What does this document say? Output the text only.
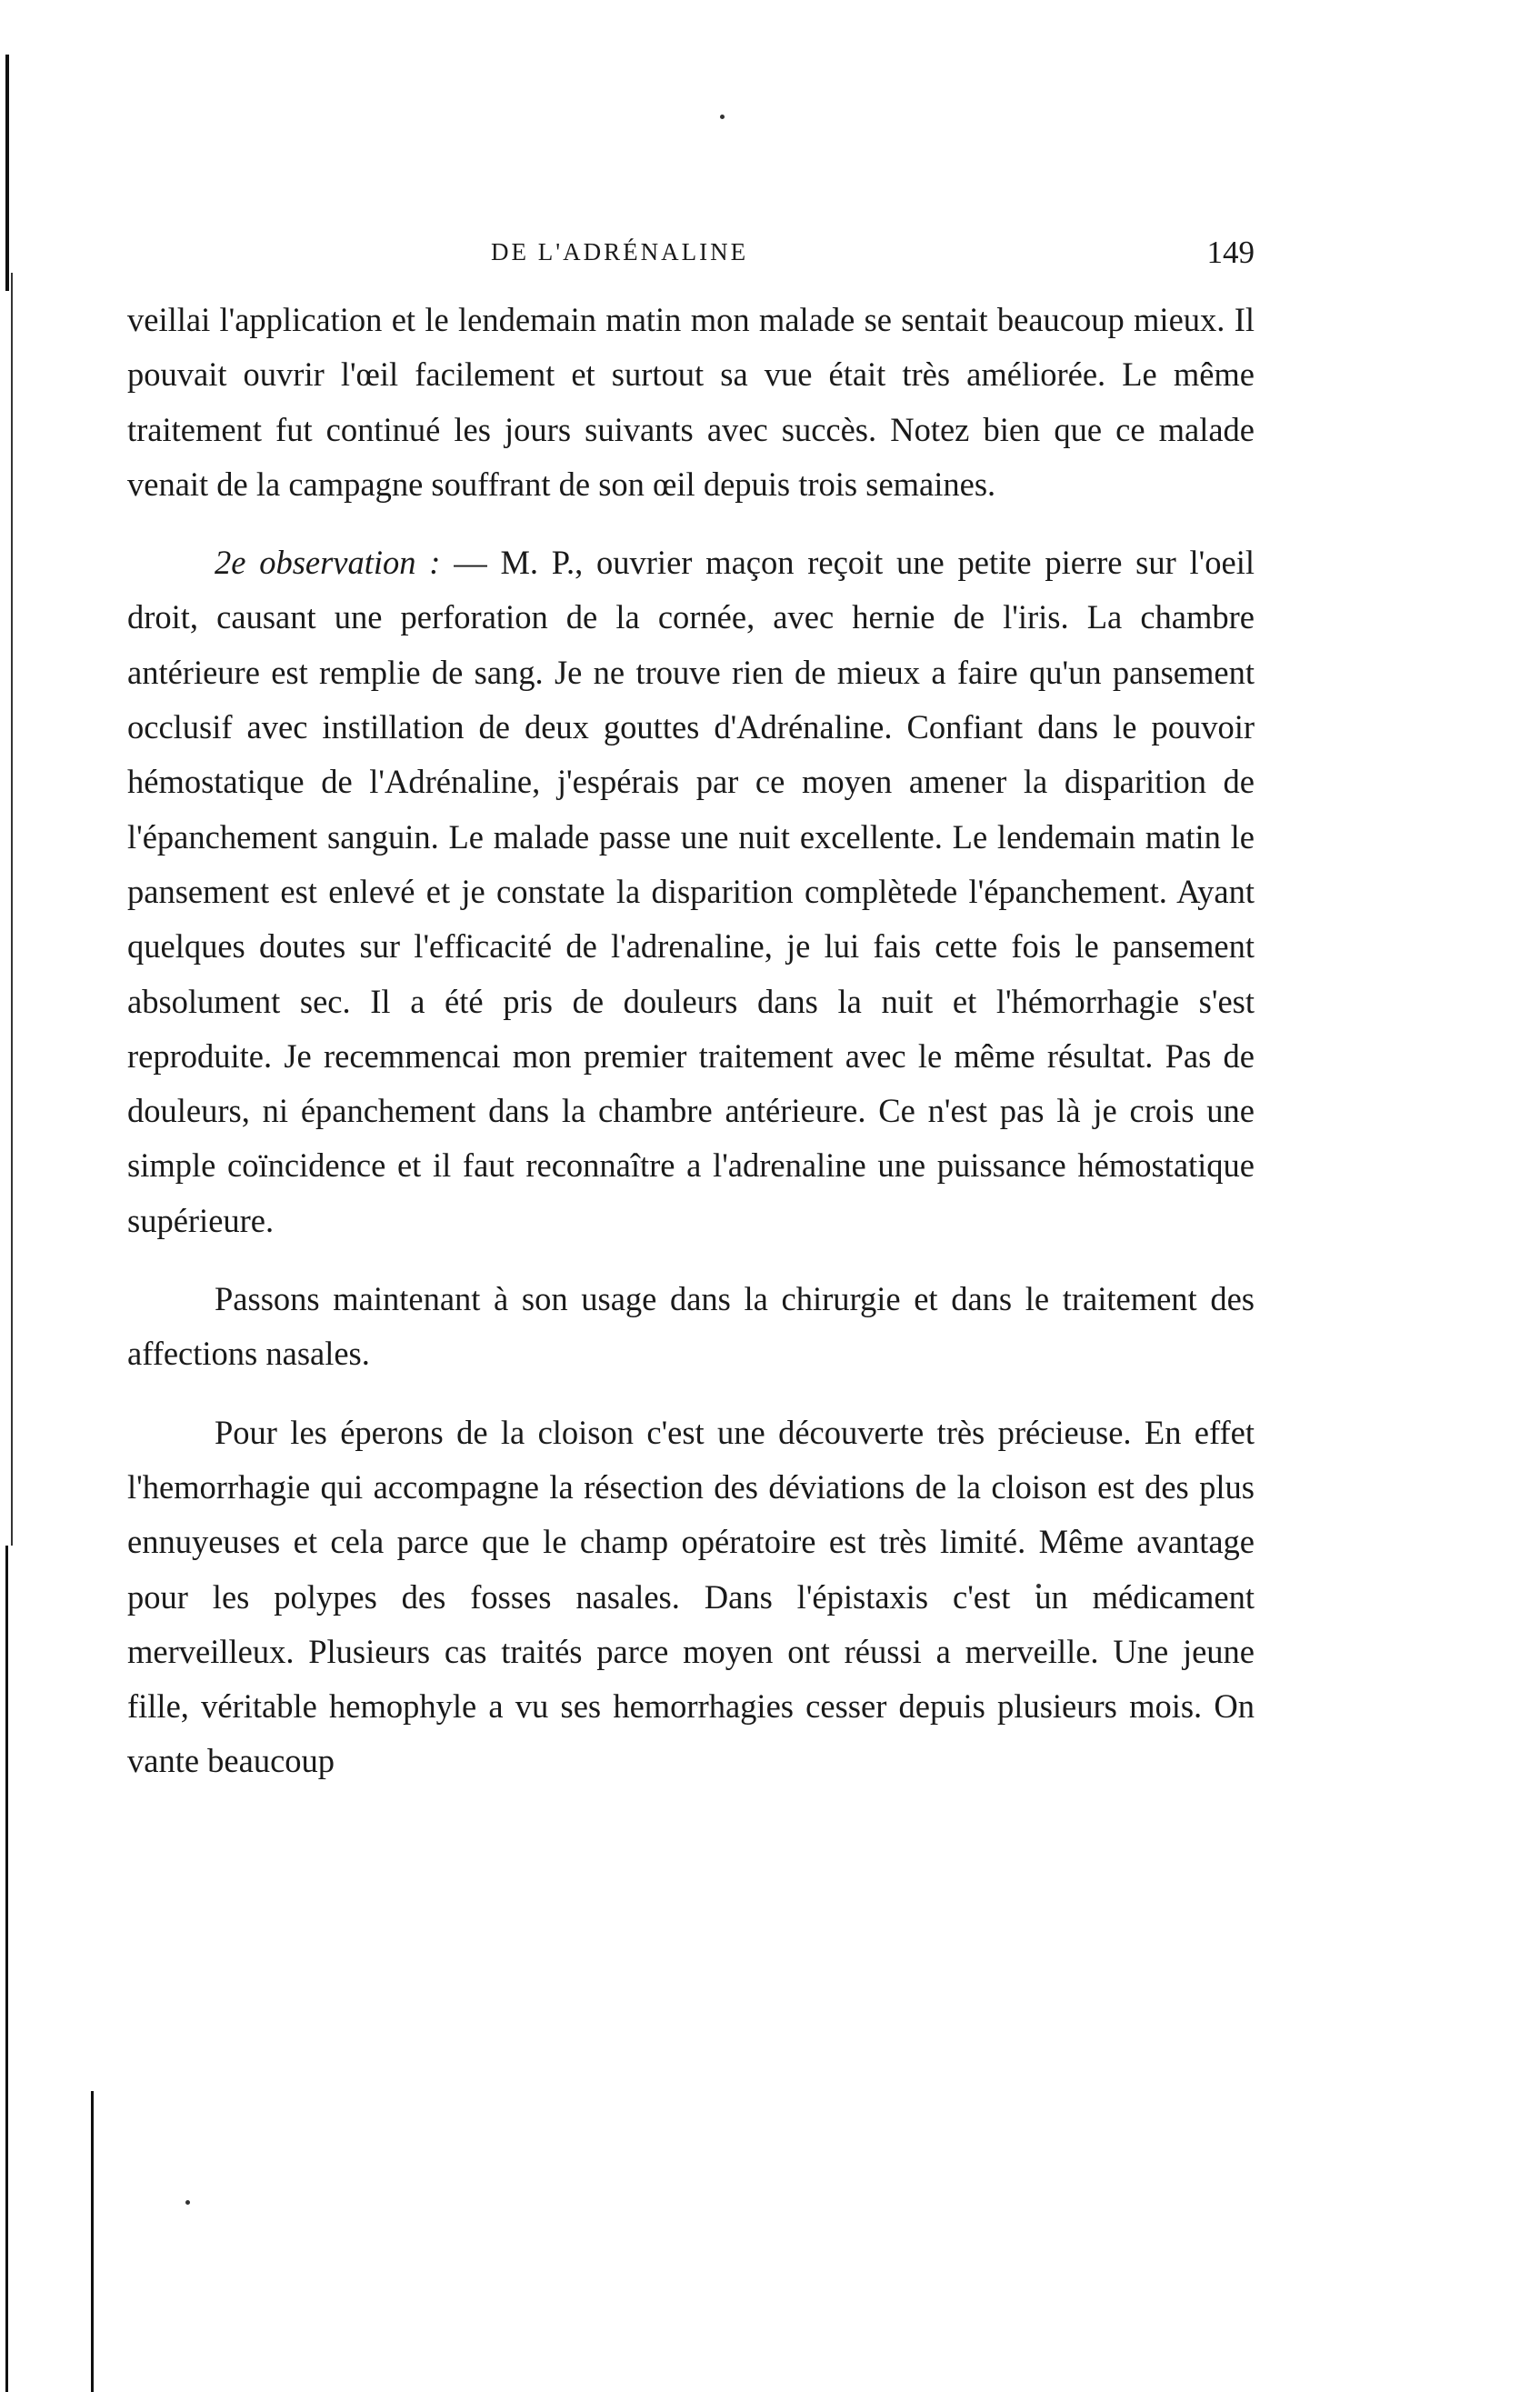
DE L'ADRÉNALINE	149

veillai l'application et le lendemain matin mon malade se sentait beaucoup mieux. Il pouvait ouvrir l'œil facilement et surtout sa vue était très améliorée. Le même traitement fut continué les jours suivants avec succès. Notez bien que ce malade venait de la campagne souffrant de son œil depuis trois semaines.

2e observation : — M. P., ouvrier maçon reçoit une petite pierre sur l'oeil droit, causant une perforation de la cornée, avec hernie de l'iris. La chambre antérieure est remplie de sang. Je ne trouve rien de mieux a faire qu'un pansement occlusif avec instillation de deux gouttes d'Adrénaline. Confiant dans le pouvoir hémostatique de l'Adrénaline, j'espérais par ce moyen amener la disparition de l'épanchement sanguin. Le malade passe une nuit excellente. Le lendemain matin le pansement est enlevé et je constate la disparition complètede l'épanchement. Ayant quelques doutes sur l'efficacité de l'adrenaline, je lui fais cette fois le pansement absolument sec. Il a été pris de douleurs dans la nuit et l'hémorrhagie s'est reproduite. Je recemmencai mon premier traitement avec le même résultat. Pas de douleurs, ni épanchement dans la chambre antérieure. Ce n'est pas là je crois une simple coïncidence et il faut reconnaître a l'adrenaline une puissance hémostatique supérieure.

Passons maintenant à son usage dans la chirurgie et dans le traitement des affections nasales.

Pour les éperons de la cloison c'est une découverte très précieuse. En effet l'hemorrhagie qui accompagne la résection des déviations de la cloison est des plus ennuyeuses et cela parce que le champ opératoire est très limité. Même avantage pour les polypes des fosses nasales. Dans l'épistaxis c'est un médicament merveilleux. Plusieurs cas traités parce moyen ont réussi a merveille. Une jeune fille, véritable hemophyle a vu ses hemorrhagies cesser depuis plusieurs mois. On vante beaucoup
